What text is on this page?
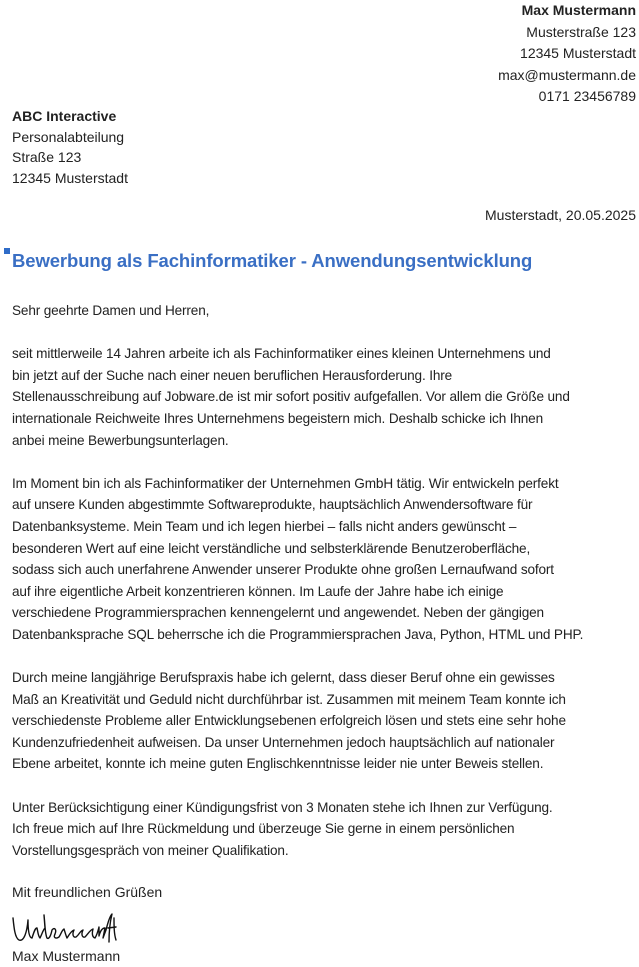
Max Mustermann
Musterstraße 123
12345 Musterstadt
max@mustermann.de
0171 23456789
ABC Interactive
Personalabteilung
Straße 123
12345 Musterstadt
Musterstadt, 20.05.2025
Bewerbung als Fachinformatiker - Anwendungsentwicklung

Sehr geehrte Damen und Herren,

seit mittlerweile 14 Jahren arbeite ich als Fachinformatiker eines kleinen Unternehmens und

bin jetzt auf der Suche nach einer neuen beruflichen Herausforderung. Ihre

Stellenausschreibung auf Jobware.de ist mir sofort positiv aufgefallen. Vor allem die Größe und

internationale Reichweite Ihres Unternehmens begeistern mich. Deshalb schicke ich Ihnen

anbei meine Bewerbungsunterlagen.

Im Moment bin ich als Fachinformatiker der Unternehmen GmbH tätig. Wir entwickeln perfekt

auf unsere Kunden abgestimmte Softwareprodukte, hauptsächlich Anwendersoftware für

Datenbanksysteme. Mein Team und ich legen hierbei – falls nicht anders gewünscht –

besonderen Wert auf eine leicht verständliche und selbsterklärende Benutzeroberfläche,

sodass sich auch unerfahrene Anwender unserer Produkte ohne großen Lernaufwand sofort

auf ihre eigentliche Arbeit konzentrieren können. Im Laufe der Jahre habe ich einige

verschiedene Programmiersprachen kennengelernt und angewendet. Neben der gängigen

Datenbanksprache SQL beherrsche ich die Programmiersprachen Java, Python, HTML und PHP.

Durch meine langjährige Berufspraxis habe ich gelernt, dass dieser Beruf ohne ein gewisses

Maß an Kreativität und Geduld nicht durchführbar ist. Zusammen mit meinem Team konnte ich

verschiedenste Probleme aller Entwicklungsebenen erfolgreich lösen und stets eine sehr hohe

Kundenzufriedenheit aufweisen. Da unser Unternehmen jedoch hauptsächlich auf nationaler

Ebene arbeitet, konnte ich meine guten Englischkenntnisse leider nie unter Beweis stellen.

Unter Berücksichtigung einer Kündigungsfrist von 3 Monaten stehe ich Ihnen zur Verfügung.

Ich freue mich auf Ihre Rückmeldung und überzeuge Sie gerne in einem persönlichen

Vorstellungsgespräch von meiner Qualifikation.

Mit freundlichen Grüßen
Max Mustermann
